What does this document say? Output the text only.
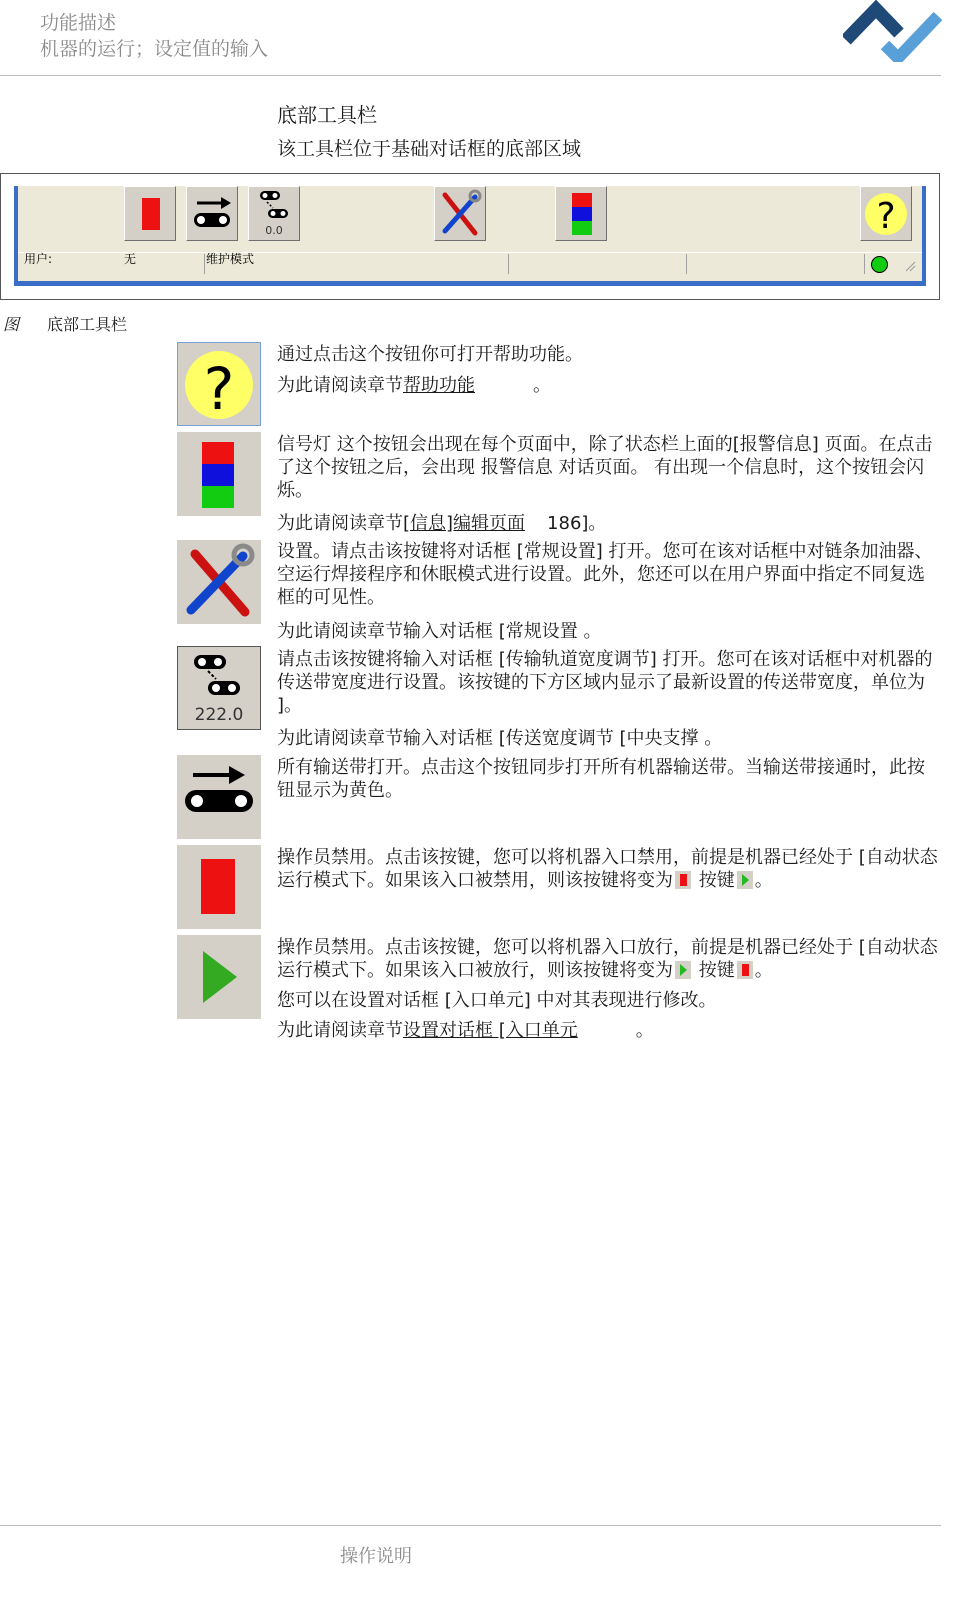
功能描述
机器的运行；设定值的输入
底部工具栏
该工具栏位于基础对话框的底部区域
0.0	?
用户:	无	维护模式
图 底部工具栏
?
通过点击这个按钮你可打开帮助功能。
为此请阅读章节帮助功能	。
信号灯 这个按钮会出现在每个页面中，除了状态栏上面的[报警信息] 页面。在点击了这个按钮之后，会出现 报警信息 对话页面。 有出现一个信息时，这个按钮会闪烁。
为此请阅读章节[信息]编辑页面 186]。
设置。请点击该按键将对话框 [常规设置] 打开。您可在该对话框中对链条加油器、空运行焊接程序和休眠模式进行设置。此外，您还可以在用户界面中指定不同复选框的可见性。
为此请阅读章节输入对话框 [常规设置 。
222.0
请点击该按键将输入对话框 [传输轨道宽度调节] 打开。您可在该对话框中对机器的传送带宽度进行设置。该按键的下方区域内显示了最新设置的传送带宽度，单位为 ]。
为此请阅读章节输入对话框 [传送宽度调节 [中央支撑 。
所有输送带打开。点击这个按钮同步打开所有机器输送带。当输送带接通时，此按钮显示为黄色。
操作员禁用。点击该按键，您可以将机器入口禁用，前提是机器已经处于 [自动状态 运行模式下。如果该入口被禁用，则该按键将变为 按键 。
操作员禁用。点击该按键，您可以将机器入口放行，前提是机器已经处于 [自动状态 运行模式下。如果该入口被放行，则该按键将变为 按键 。
您可以在设置对话框 [入口单元] 中对其表现进行修改。
为此请阅读章节设置对话框 [入口单元	。
操作说明
